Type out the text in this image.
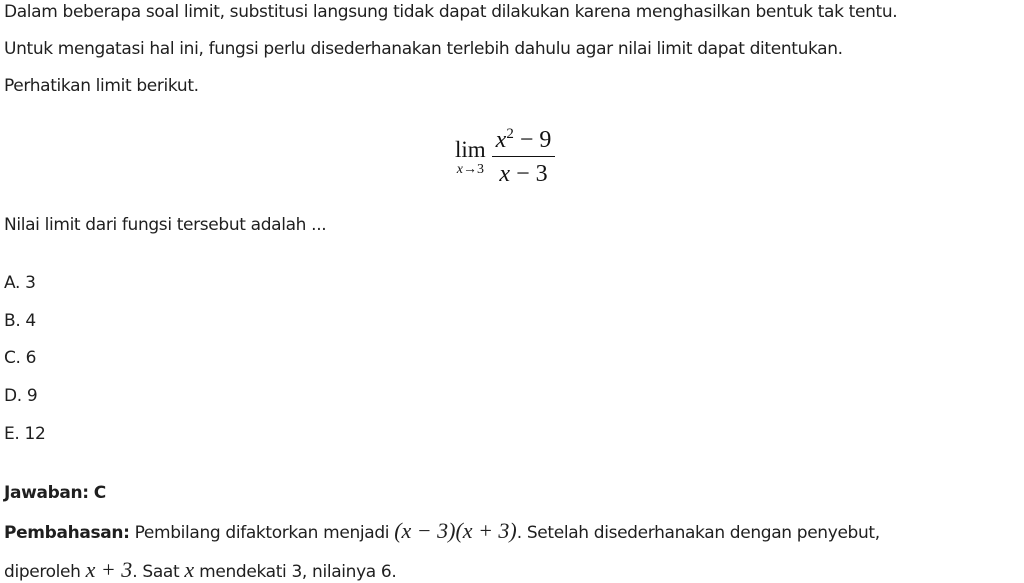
Dalam beberapa soal limit, substitusi langsung tidak dapat dilakukan karena menghasilkan bentuk tak tentu.
Untuk mengatasi hal ini, fungsi perlu disederhanakan terlebih dahulu agar nilai limit dapat ditentukan.
Perhatikan limit berikut.
lim
$x\to 3 \frac{x^2 - 9}{x - 3}$
Nilai limit dari fungsi tersebut adalah ...
A. 3
B. 4
C. 6
D. 9
E. 12
Jawaban: C
Pembahasan: Pembilang difaktorkan menjadi (x − 3)(x + 3). Setelah disederhanakan dengan penyebut,
diperoleh x + 3. Saat x mendekati 3, nilainya 6.
